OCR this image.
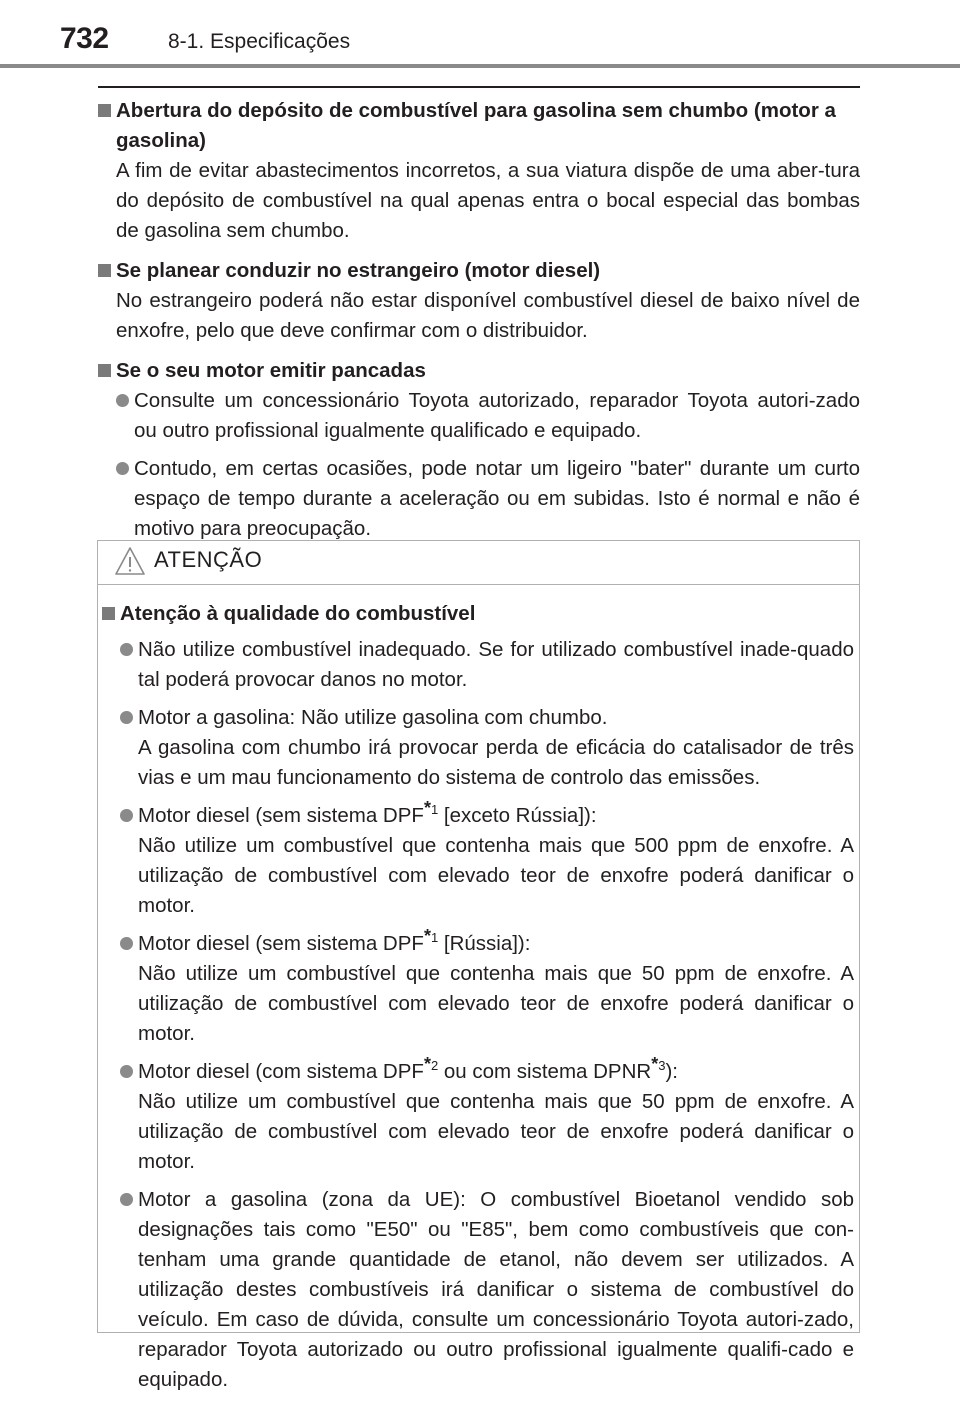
732	8-1. Especificações
Abertura do depósito de combustível para gasolina sem chumbo (motor a gasolina)
A fim de evitar abastecimentos incorretos, a sua viatura dispõe de uma aber-tura do depósito de combustível na qual apenas entra o bocal especial das bombas de gasolina sem chumbo.
Se planear conduzir no estrangeiro (motor diesel)
No estrangeiro poderá não estar disponível combustível diesel de baixo nível de enxofre, pelo que deve confirmar com o distribuidor.
Se o seu motor emitir pancadas
Consulte um concessionário Toyota autorizado, reparador Toyota autori-zado ou outro profissional igualmente qualificado e equipado.
Contudo, em certas ocasiões, pode notar um ligeiro "bater" durante um curto espaço de tempo durante a aceleração ou em subidas. Isto é normal e não é motivo para preocupação.
ATENÇÃO
Atenção à qualidade do combustível
Não utilize combustível inadequado. Se for utilizado combustível inade-quado tal poderá provocar danos no motor.
Motor a gasolina: Não utilize gasolina com chumbo.
A gasolina com chumbo irá provocar perda de eficácia do catalisador de três vias e um mau funcionamento do sistema de controlo das emissões.
Motor diesel (sem sistema DPF$^{*1}$ [exceto Rússia]):
Não utilize um combustível que contenha mais que 500 ppm de enxofre. A utilização de combustível com elevado teor de enxofre poderá danificar o motor.
Motor diesel (sem sistema DPF$^{*1}$ [Rússia]):
Não utilize um combustível que contenha mais que 50 ppm de enxofre. A utilização de combustível com elevado teor de enxofre poderá danificar o motor.
Motor diesel (com sistema DPF$^{*2}$ ou com sistema DPNR$^{*3}$):
Não utilize um combustível que contenha mais que 50 ppm de enxofre. A utilização de combustível com elevado teor de enxofre poderá danificar o motor.
Motor a gasolina (zona da UE): O combustível Bioetanol vendido sob designações tais como "E50" ou "E85", bem como combustíveis que con-tenham uma grande quantidade de etanol, não devem ser utilizados. A utilização destes combustíveis irá danificar o sistema de combustível do veículo. Em caso de dúvida, consulte um concessionário Toyota autori-zado, reparador Toyota autorizado ou outro profissional igualmente qualifi-cado e equipado.
